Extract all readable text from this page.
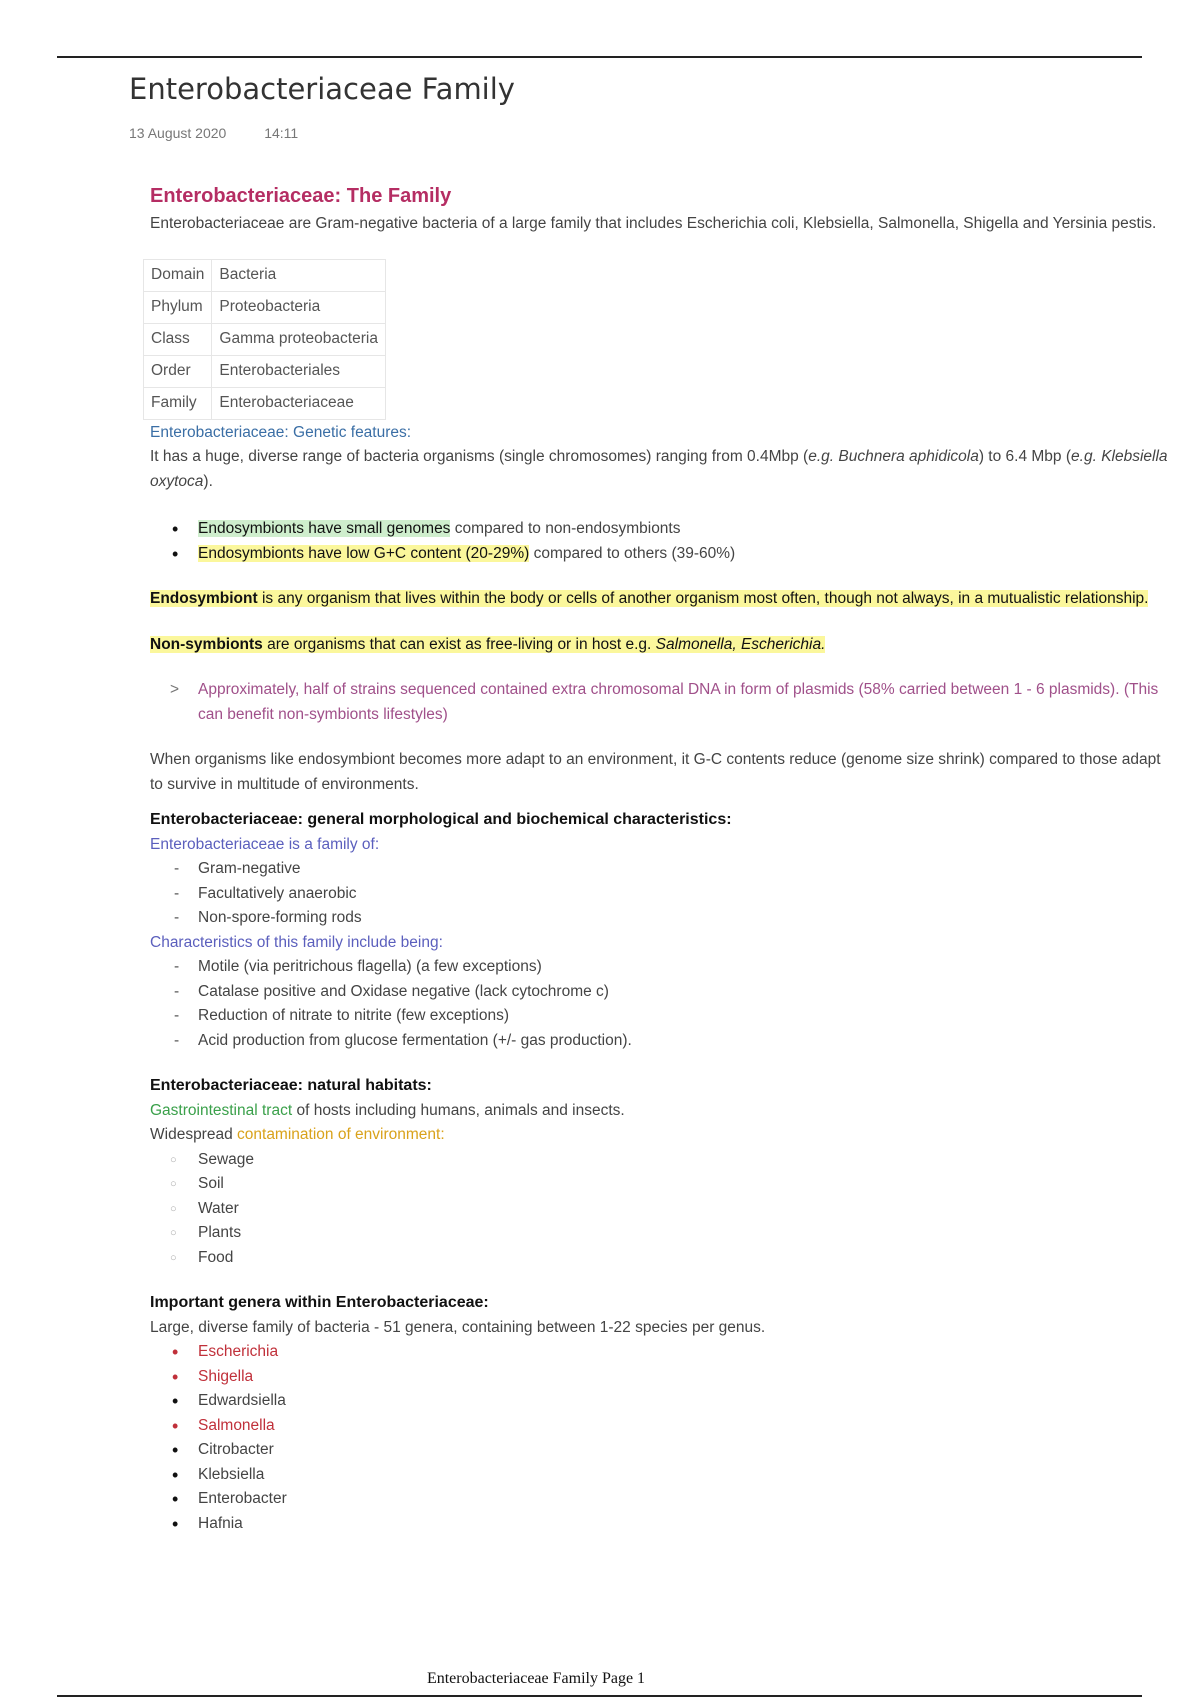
Enterobacteriaceae Family
13 August 2020	14:11
Enterobacteriaceae: The Family

Enterobacteriaceae are Gram-negative bacteria of a large family that includes Escherichia coli, Klebsiella, Salmonella, Shigella and Yersinia pestis.

Domain	Bacteria
Phylum	Proteobacteria
Class	Gamma proteobacteria
Order	Enterobacteriales
Family	Enterobacteriaceae

Enterobacteriaceae: Genetic features:

It has a huge, diverse range of bacteria organisms (single chromosomes) ranging from 0.4Mbp (e.g. Buchnera aphidicola) to 6.4 Mbp (e.g. Klebsiella oxytoca).

• Endosymbionts have small genomes compared to non-endosymbionts
• Endosymbionts have low G+C content (20-29%) compared to others (39-60%)

Endosymbiont is any organism that lives within the body or cells of another organism most often, though not always, in a mutualistic relationship.

Non-symbionts are organisms that can exist as free-living or in host e.g. Salmonella, Escherichia.

> Approximately, half of strains sequenced contained extra chromosomal DNA in form of plasmids (58% carried between 1 - 6 plasmids). (This can benefit non-symbionts lifestyles)

When organisms like endosymbiont becomes more adapt to an environment, it G-C contents reduce (genome size shrink) compared to those adapt to survive in multitude of environments.

Enterobacteriaceae: general morphological and biochemical characteristics:

Enterobacteriaceae is a family of:

- Gram-negative
- Facultatively anaerobic
- Non-spore-forming rods

Characteristics of this family include being:

- Motile (via peritrichous flagella) (a few exceptions)
- Catalase positive and Oxidase negative (lack cytochrome c)
- Reduction of nitrate to nitrite (few exceptions)
- Acid production from glucose fermentation (+/- gas production).

Enterobacteriaceae: natural habitats:

Gastrointestinal tract of hosts including humans, animals and insects.

Widespread contamination of environment:

○ Sewage
○ Soil
○ Water
○ Plants
○ Food

Important genera within Enterobacteriaceae:

Large, diverse family of bacteria - 51 genera, containing between 1-22 species per genus.

• Escherichia
• Shigella
• Edwardsiella
• Salmonella
• Citrobacter
• Klebsiella
• Enterobacter
• Hafnia
Enterobacteriaceae Family Page 1
